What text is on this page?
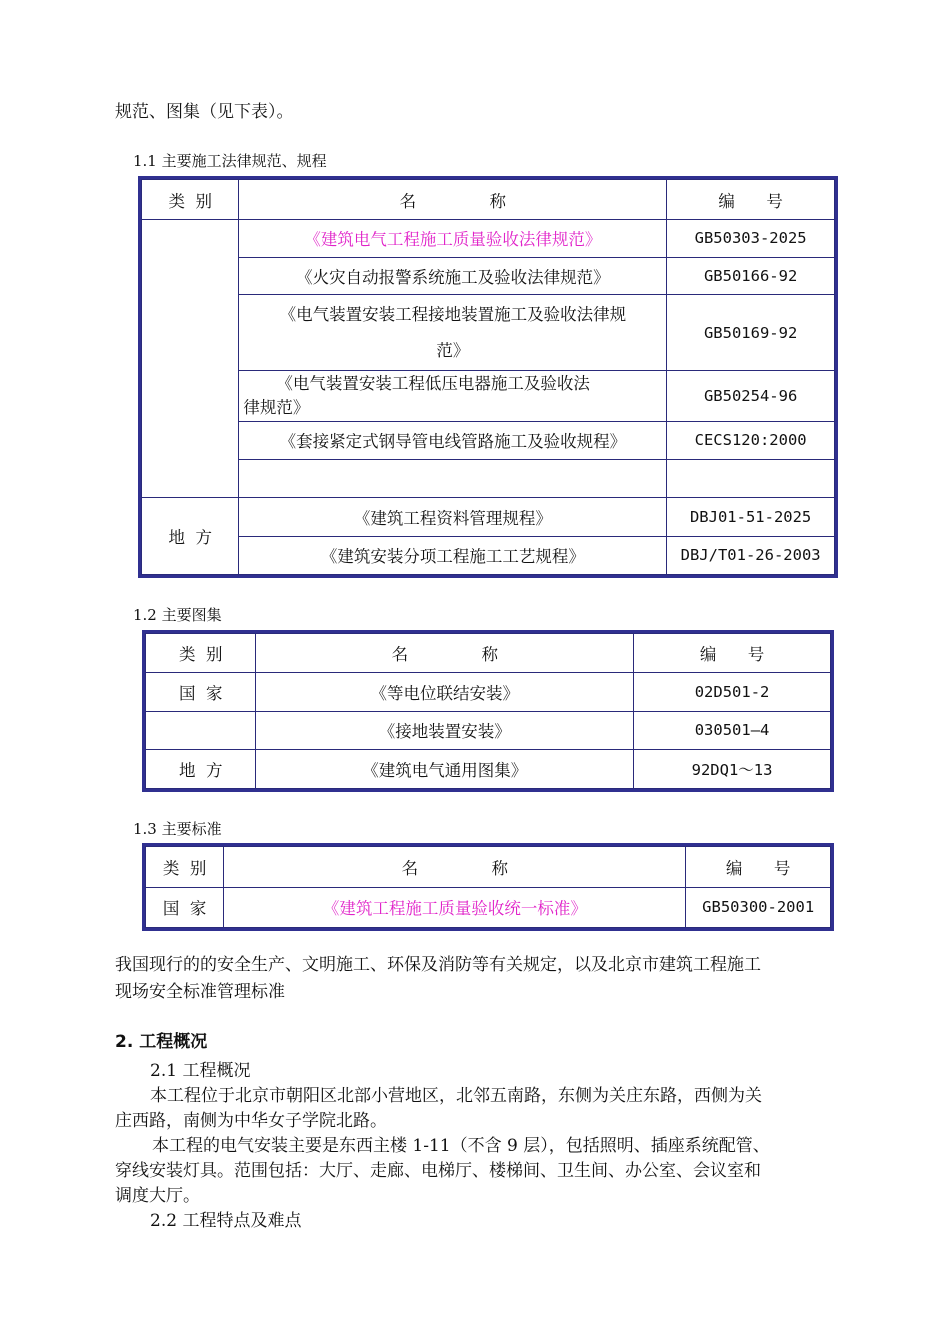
规范、图集（见下表）。
1.1 主要施工法律规范、规程
类  别	名              称	编      号
	《建筑电气工程施工质量验收法律规范》	GB50303-2025
	《火灾自动报警系统施工及验收法律规范》	GB50166-92

	《电气装置安装工程接地装置施工及验收法律规
范》	GB50169-92

	《电气装置安装工程低压电器施工及验收法
律规范》	GB50254-96
	《套接紧定式钢导管电线管路施工及验收规程》	CECS120:2000

地  方	《建筑工程资料管理规程》	DBJ01-51-2025
	《建筑安装分项工程施工工艺规程》	DBJ/T01-26-2003
1.2 主要图集
类  别	名              称	编      号
国  家	《等电位联结安装》	02D501-2
	《接地装置安装》	030501—4
地  方	《建筑电气通用图集》	92DQ1～13
1.3 主要标准
类  别	名              称	编      号
国  家	《建筑工程施工质量验收统一标准》	GB50300-2001
我国现行的的安全生产、文明施工、环保及消防等有关规定，以及北京市建筑工程施工
现场安全标准管理标准
2. 工程概况
2.1 工程概况
本工程位于北京市朝阳区北部小营地区，北邻五南路，东侧为关庄东路，西侧为关
庄西路，南侧为中华女子学院北路。
本工程的电气安装主要是东西主楼 1-11（不含 9 层），包括照明、插座系统配管、
穿线安装灯具。范围包括：大厅、走廊、电梯厅、楼梯间、卫生间、办公室、会议室和
调度大厅。
2.2 工程特点及难点
